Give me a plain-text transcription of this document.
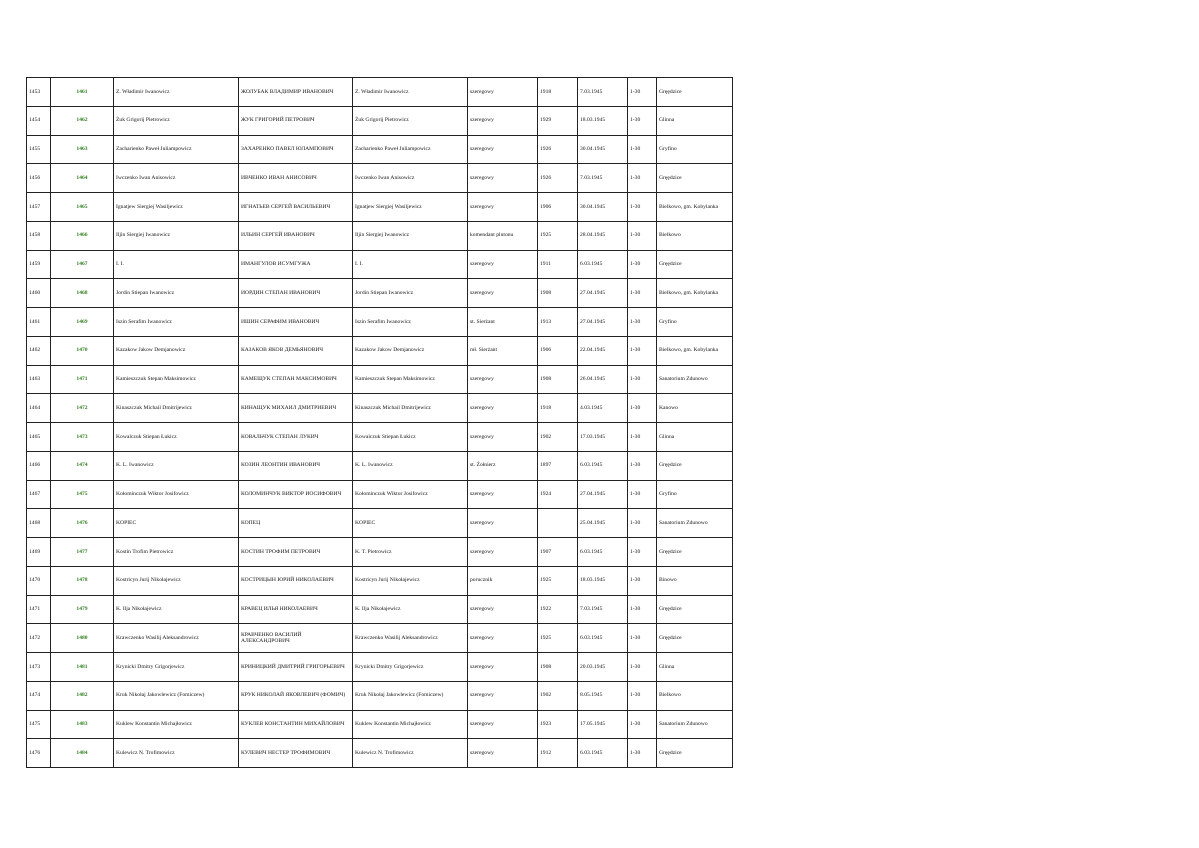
1453	1461	Z. Władimir Iwanowicz	ЖОЛУБАК ВЛАДИМИР ИВАНОВИЧ	Z. Władimir Iwanowicz	szeregowy	1918	7.03.1945	1-30	Gręędzice
1454	1462	Żuk Grigorij Pietrowicz	ЖУК ГРИГОРИЙ ПЕТРОВИЧ	Żuk Grigorij Pietrowicz	szeregowy	1929	18.03.1945	1-30	Glinna
1455	1463	Zacharienko Paweł Juliampowicz	ЗАХАРЕНКО ПАВЕЛ ЮЛАМПОВИЧ	Zacharienko Paweł Juliampowicz	szeregowy	1926	30.04.1945	1-30	Gryfino
1456	1464	Iwczenko Iwan Anisowicz	ИВЧЕНКО ИВАН АНИСОВИЧ	Iwczenko Iwan Anisowicz	szeregowy	1926	7.03.1945	1-30	Gręędzice
1457	1465	Ignatjew Siergiej Wasiljewicz	ИГНАТЬЕВ СЕРГЕЙ ВАСИЛЬЕВИЧ	Ignatjew Siergiej Wasiljewicz	szeregowy	1906	30.04.1945	1-30	Bielkowo, gm. Kobylanka
1458	1466	Iljin Siergiej Iwanowicz	ИЛЬИН СЕРГЕЙ ИВАНОВИЧ	Iljin Siergiej Iwanowicz	komendant plutonu	1925	28.04.1945	1-30	Bielkowo
1459	1467	I. I.	ИМАНГУЛОВ ИСУМГУЖА	I. I.	szeregowy	1911	6.03.1945	1-30	Gręędzice
1460	1468	Jordin Stiepan Iwanowicz	ИОРДИН СТЕПАН ИВАНОВИЧ	Jordin Stiepan Iwanowicz	szeregowy	1908	27.04.1945	1-30	Bielkowo, gm. Kobylanka
1461	1469	Iszin Serafim Iwanowicz	ИШИН СЕРАФИМ ИВАНОВИЧ	Iszin Serafim Iwanowicz	st. Sierżant	1913	27.04.1945	1-30	Gryfino
1462	1470	Kazakow Jakow Demjanowicz	КАЗАКОВ ЯКОВ ДЕМЬЯНОВИЧ	Kazakow Jakow Demjanowicz	mł. Sierżant	1906	22.04.1945	1-30	Bielkowo, gm. Kobylanka
1463	1471	Kamieszczuk Stepan Maksimowicz	КАМЕЩУК СТЕПАН МАКСИМОВИЧ	Kamieszczuk Stepan Maksimowicz	szeregowy	1908	26.04.1945	1-30	Sanatorium Zdunowo
1464	1472	Kinaszczuk Michail Dmitrijewicz	КИНАЩУК МИХАИЛ ДМИТРИЕВИЧ	Kinaszczuk Michail Dmitrijewicz	szeregowy	1918	4.03.1945	1-30	Kanowo
1465	1473	Kowalczuk Stiepan Łukicz	КОВАЛЬЧУК СТЕПАН ЛУКИЧ	Kowalczuk Stiepan Łukicz	szeregowy	1902	17.03.1945	1-30	Glinna
1466	1474	K. L. Iwanowicz	КОЗИН ЛЕОНТИН ИВАНОВИЧ	K. L. Iwanowicz	st. Żołnierz	1897	6.03.1945	1-30	Gręędzice
1467	1475	Kołominczuk Wiktor Josifowicz	КОЛОМИНЧУК ВИКТОР ИОСИФОВИЧ	Kołominczuk Wiktor Josifowicz	szeregowy	1924	27.04.1945	1-30	Gryfino
1468	1476	KOPIEC	КОПЕЦ	KOPIEC	szeregowy		25.04.1945	1-30	Sanatorium Zdunowo
1469	1477	Kostin Trofim Pietrowicz	КОСТИН ТРОФИМ ПЕТРОВИЧ	K. T. Pietrowicz	szeregowy	1907	6.03.1945	1-30	Gręędzice
1470	1478	Kostricyn Jurij Nikołajewicz	КОСТРИЦЫН ЮРИЙ НИКОЛАЕВИЧ	Kostricyn Jurij Nikołajewicz	porucznik	1925	18.03.1945	1-30	Binowo
1471	1479	K. Ilja Nikołajewicz	КРАВЕЦ ИЛЬЯ НИКОЛАЕВИЧ	K. Ilja Nikołajewicz	szeregowy	1922	7.03.1945	1-30	Gręędzice
1472	1480	Krawczenko Wasilij Aleksandrowicz	КРАВЧЕНКО ВАСИЛИЙ АЛЕКСАНДРОВИЧ	Krawczenko Wasilij Aleksandrowicz	szeregowy	1925	6.03.1945	1-30	Gręędzice
1473	1481	Krynicki Dmitry Grigorjewicz	КРИНИЦКИЙ ДМИТРИЙ ГРИГОРЬЕВИЧ	Krynicki Dmitry Grigorjewicz	szeregowy	1908	20.03.1945	1-30	Glinna
1474	1482	Kruk Nikołaj Jakowlewicz (Fomiczew)	КРУК НИКОЛАЙ ЯКОВЛЕВИЧ (ФОМИЧ)	Kruk Nikołaj Jakowlewicz (Fomiczew)	szeregowy	1902	8.05.1945	1-30	Bielkowo
1475	1483	Kuklew Konstantin Michajłowicz	КУКЛЕВ КОНСТАНТИН МИХАЙЛОВИЧ	Kuklew Konstantin Michajłowicz	szeregowy	1923	17.05.1945	1-30	Sanatorium Zdunowo
1476	1484	Kulewicz N. Trofimowicz	КУЛЕВИЧ НЕСТЕР ТРОФИМОВИЧ	Kulewicz N. Trofimowicz	szeregowy	1912	6.03.1945	1-30	Gręędzice
